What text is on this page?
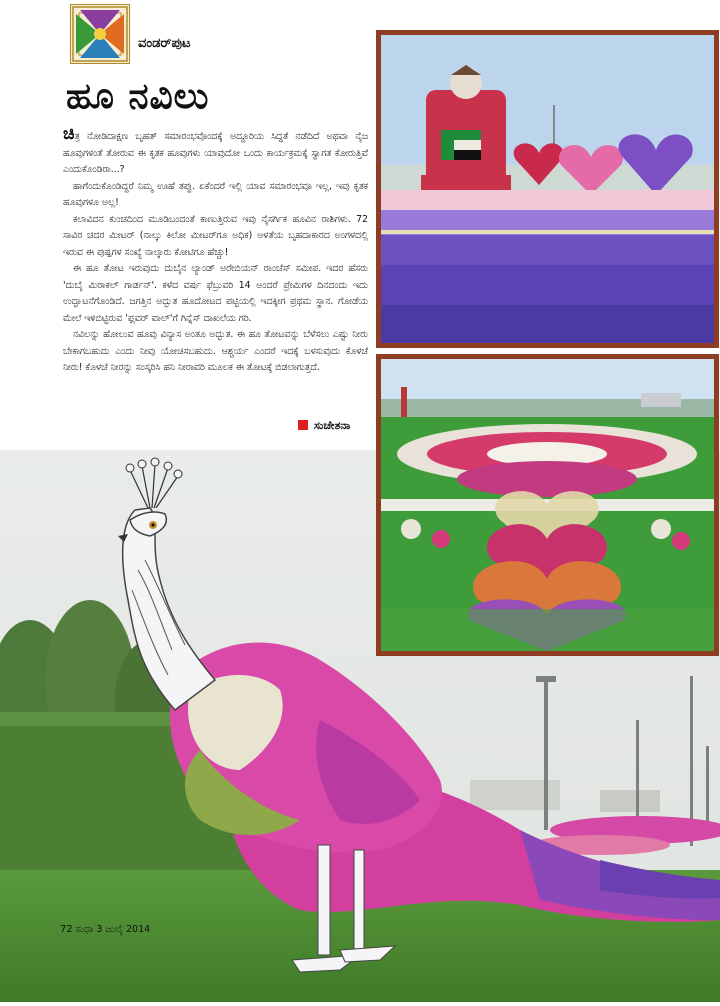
ವಂಡರ್‌ಪುಟ
ಹೂ ನವಿಲು

ಚಿತ್ರ ನೋಡಿದಾಕ್ಷಣ ಬೃಹತ್ ಸಮಾರಂಭವೊಂದಕ್ಕೆ ಅದ್ದೂರಿಯ ಸಿದ್ಧತೆ ನಡೆದಿದೆ ಅಥವಾ ನೈಜ ಹೂವುಗಳಂತೆ ತೋರುವ ಈ ಕೃತಕ ಹೂವುಗಳು ಯಾವುದೋ ಒಂದು ಕಾರ್ಯಕ್ರಮಕ್ಕೆ ಸ್ವಾಗತ ಕೋರುತ್ತಿವೆ ಎಂದುಕೊಂಡಿರಾ...?

ಹಾಗೆಂದುಕೊಂಡಿದ್ದರೆ ನಿಮ್ಮ ಊಹೆ ತಪ್ಪು. ಏಕೆಂದರೆ ಇಲ್ಲಿ ಯಾವ ಸಮಾರಂಭವೂ ಇಲ್ಲ, ಇವು ಕೃತಕ ಹೂವುಗಳೂ ಅಲ್ಲ!

ಕಲಾವಿದನ ಕುಂಚದಿಂದ ಮೂಡಿಬಂದಂತೆ ಕಾಣುತ್ತಿರುವ ಇವು ನೈಸರ್ಗಿಕ ಹೂವಿನ ರಾಶಿಗಳು. 72 ಸಾವಿರ ಚದರ ಮೀಟರ್ (ನಾಲ್ಕು ಕಿಲೋ ಮೀಟರ್‌ಗೂ ಅಧಿಕ) ಅಳತೆಯ ಬೃಹದಾಕಾರದ ಅಂಗಳದಲ್ಲಿ ಇರುವ ಈ ಪುಷ್ಪಗಳ ಸಂಖ್ಯೆ ನಾಲ್ಕಾರು ಕೋಟಿಗೂ ಹೆಚ್ಚು!

ಈ ಹೂ ತೋಟ ಇರುವುದು ದುಬೈನ ಲ್ಯಾಂಡ್ ಅರೇಬಿಯನ್ ರಾಂಚೆಸ್ ಸಮೀಪ. ಇದರ ಹೆಸರು 'ದುಬೈ ಮಿರಾಕಲ್ ಗಾರ್ಡನ್'. ಕಳೆದ ವರ್ಷ ಫೆಬ್ರುವರಿ 14 ಅಂದರೆ ಪ್ರೇಮಿಗಳ ದಿನದಂದು ಇದು ಉದ್ಘಾಟನೆಗೊಂಡಿದೆ. ಜಗತ್ತಿನ ಅದ್ಭುತ ಹೂದೋಟದ ಪಟ್ಟಿಯಲ್ಲಿ ಇದಕ್ಕೀಗ ಪ್ರಥಮ ಸ್ಥಾನ. ಗೋಡೆಯ ಮೇಲೆ ಇಳಿಬಿಟ್ಟಿರುವ 'ಫ್ಲವರ್ ವಾಲ್'ಗೆ ಗಿನ್ನೆಸ್ ದಾಖಲೆಯ ಗರಿ.

ನವಿಲನ್ನು ಹೋಲುವ ಹೂವು ವಿನ್ಯಾಸ ಅಂತೂ ಅದ್ಭುತ. ಈ ಹೂ ತೋಟವನ್ನು ಬೆಳೆಸಲು ಎಷ್ಟು ನೀರು ಬೇಕಾಗಬಹುದು ಎಂದು ನೀವು ಯೋಚಿಸಬಹುದು. ಆಶ್ಚರ್ಯ ಎಂದರೆ ಇದಕ್ಕೆ ಬಳಸುವುದು ಕೊಳಚೆ ನೀರು! ಕೊಳಚೆ ನೀರನ್ನು ಸಂಸ್ಕರಿಸಿ ಹನಿ ನೀರಾವರಿ ಮೂಲಕ ಈ ತೋಟಕ್ಕೆ ಬಿಡಲಾಗುತ್ತದೆ.

ಸುಚೇತನಾ
72 ಸುಧಾ 3 ಜುಲೈ 2014
